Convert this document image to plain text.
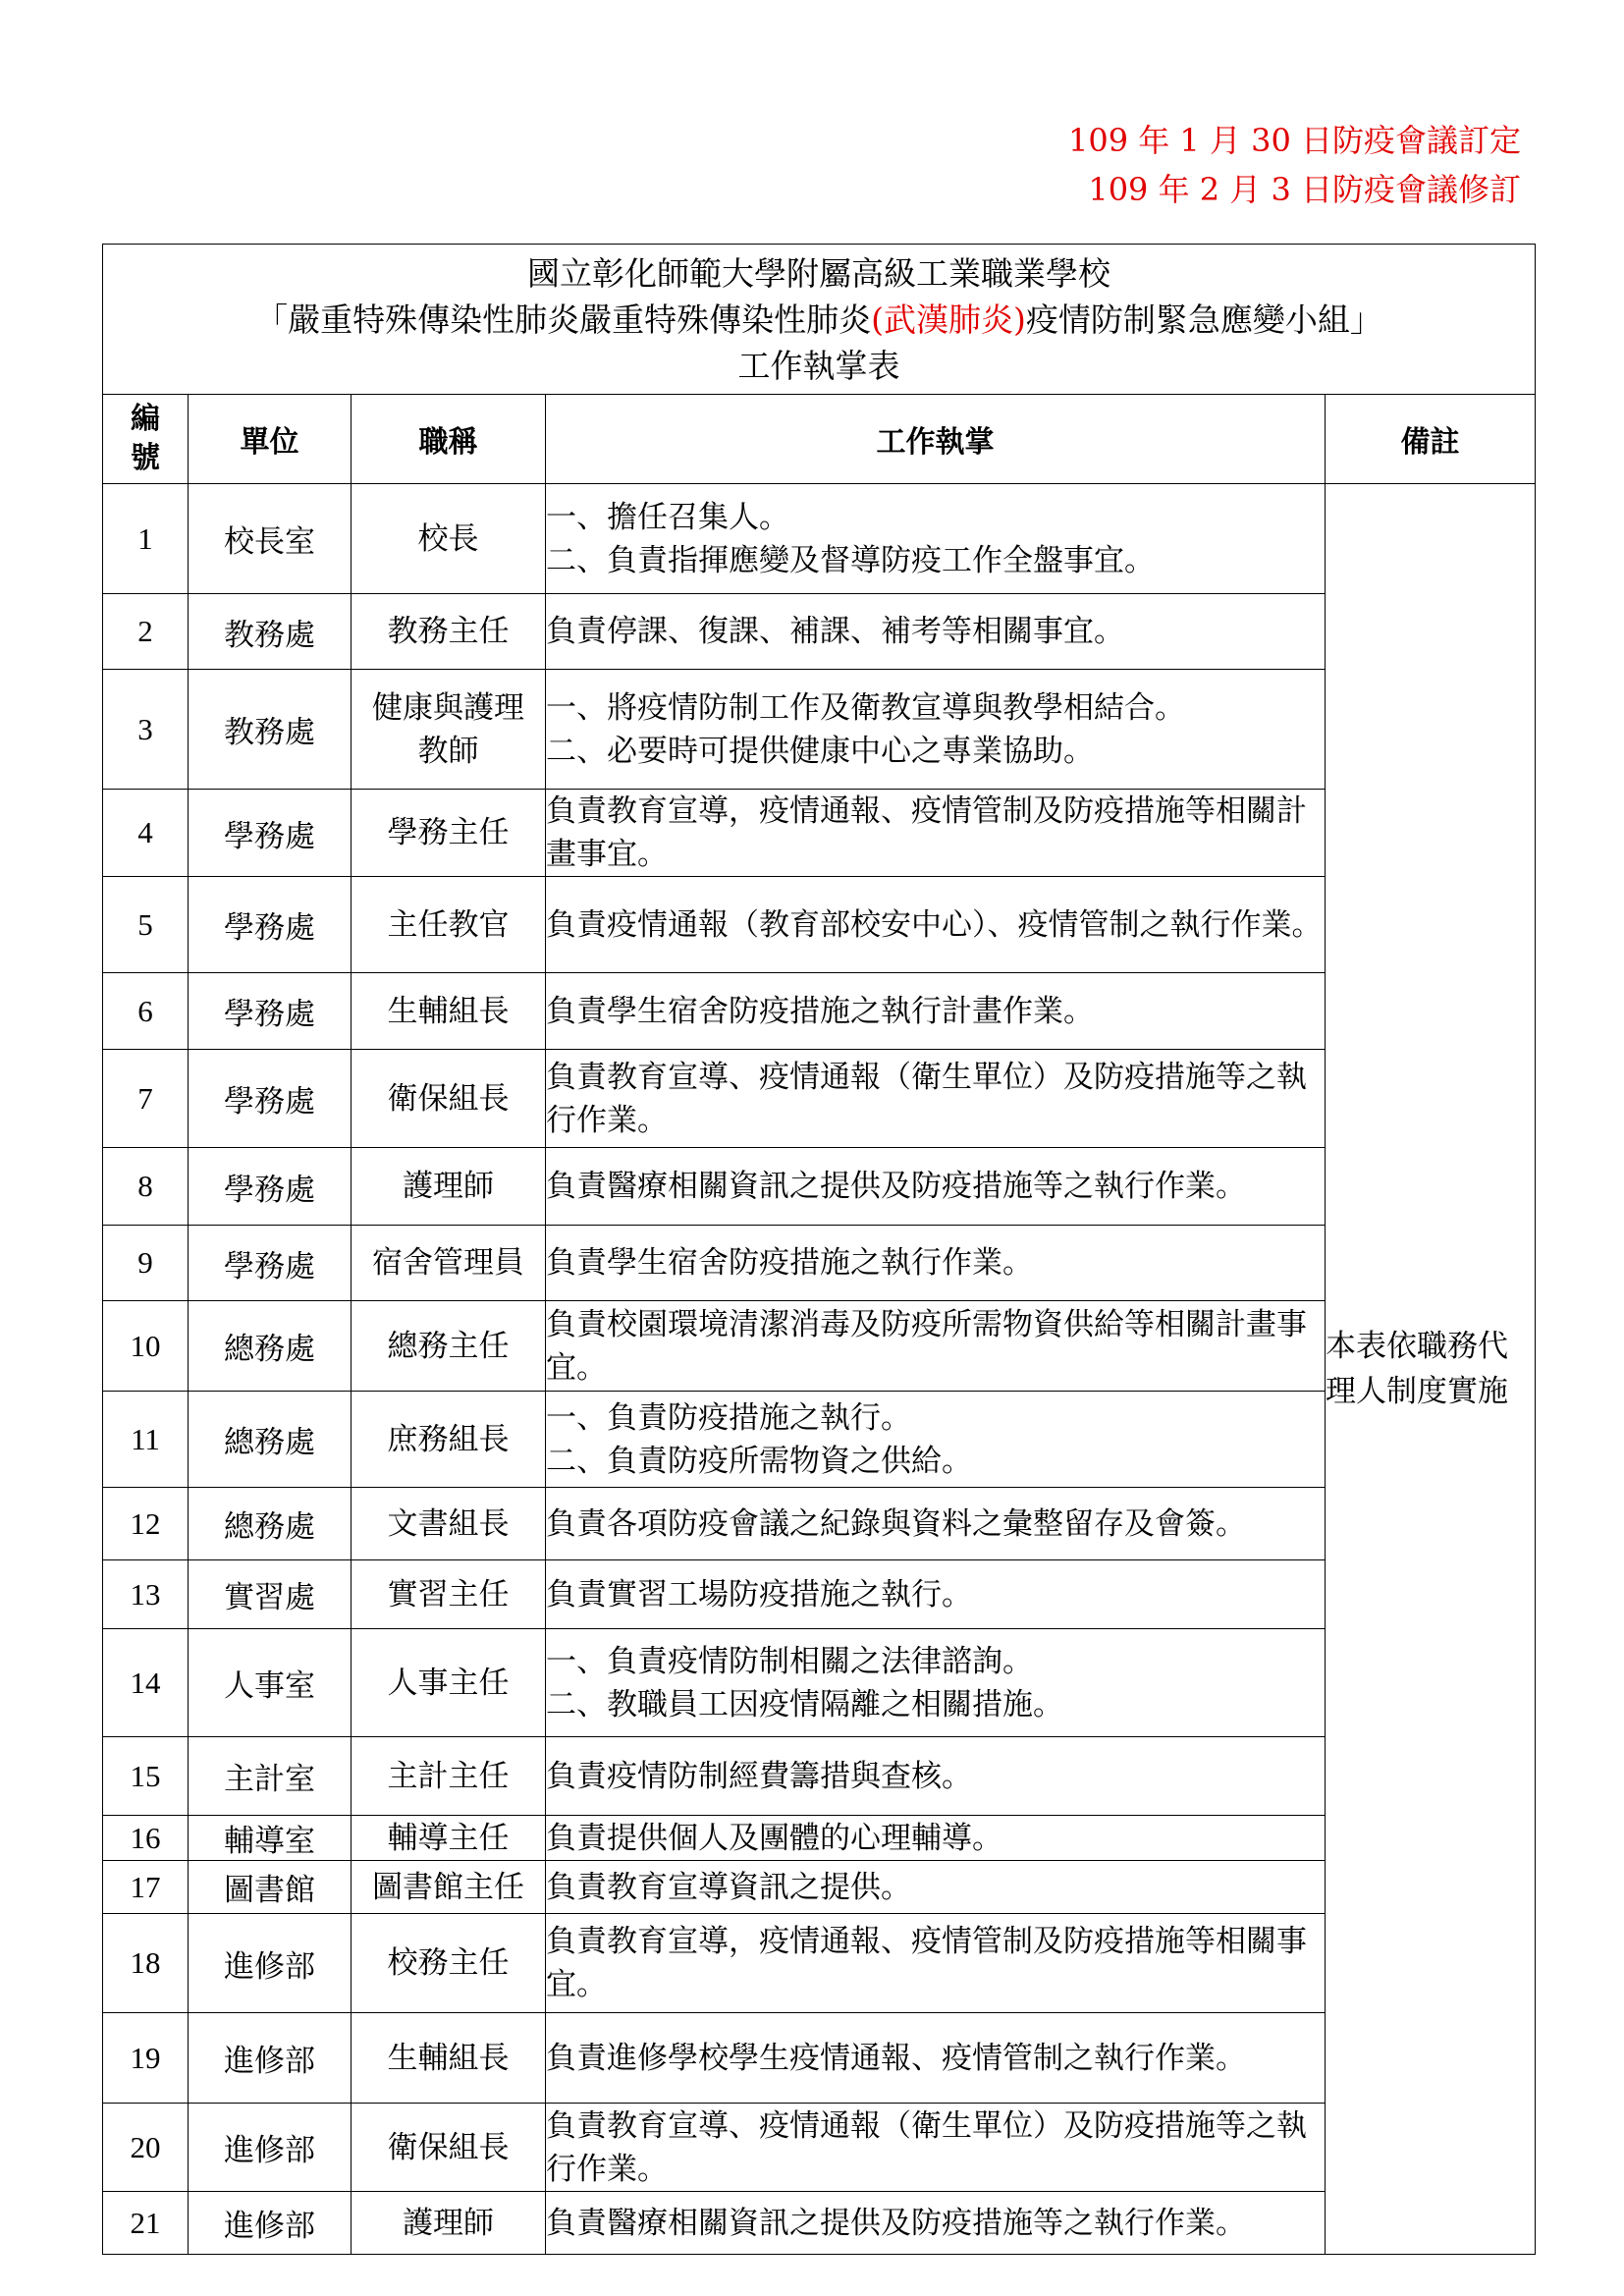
109 年 1 月 30 日防疫會議訂定
109 年 2 月 3 日防疫會議修訂
國立彰化師範大學附屬高級工業職業學校
「嚴重特殊傳染性肺炎嚴重特殊傳染性肺炎(武漢肺炎)疫情防制緊急應變小組」
工作執掌表				

編號	單位	職稱	工作執掌	備註
1	校長室	校長	一、擔任召集人。
二、負責指揮應變及督導防疫工作全盤事宜。	本表依職務代理人制度實施
2	教務處	教務主任	負責停課、復課、補課、補考等相關事宜。	
3	教務處	健康與護理教師	一、將疫情防制工作及衛教宣導與教學相結合。
二、必要時可提供健康中心之專業協助。	
4	學務處	學務主任	負責教育宣導，疫情通報、疫情管制及防疫措施等相關計畫事宜。	
5	學務處	主任教官	負責疫情通報（教育部校安中心）、疫情管制之執行作業。	
6	學務處	生輔組長	負責學生宿舍防疫措施之執行計畫作業。	
7	學務處	衛保組長	負責教育宣導、疫情通報（衛生單位）及防疫措施等之執行作業。	
8	學務處	護理師	負責醫療相關資訊之提供及防疫措施等之執行作業。	
9	學務處	宿舍管理員	負責學生宿舍防疫措施之執行作業。	
10	總務處	總務主任	負責校園環境清潔消毒及防疫所需物資供給等相關計畫事宜。	
11	總務處	庶務組長	一、負責防疫措施之執行。
二、負責防疫所需物資之供給。	
12	總務處	文書組長	負責各項防疫會議之紀錄與資料之彙整留存及會簽。	
13	實習處	實習主任	負責實習工場防疫措施之執行。	
14	人事室	人事主任	一、負責疫情防制相關之法律諮詢。
二、教職員工因疫情隔離之相關措施。	
15	主計室	主計主任	負責疫情防制經費籌措與查核。	
16	輔導室	輔導主任	負責提供個人及團體的心理輔導。	
17	圖書館	圖書館主任	負責教育宣導資訊之提供。	
18	進修部	校務主任	負責教育宣導，疫情通報、疫情管制及防疫措施等相關事宜。	
19	進修部	生輔組長	負責進修學校學生疫情通報、疫情管制之執行作業。	
20	進修部	衛保組長	負責教育宣導、疫情通報（衛生單位）及防疫措施等之執行作業。	
21	進修部	護理師	負責醫療相關資訊之提供及防疫措施等之執行作業。	
